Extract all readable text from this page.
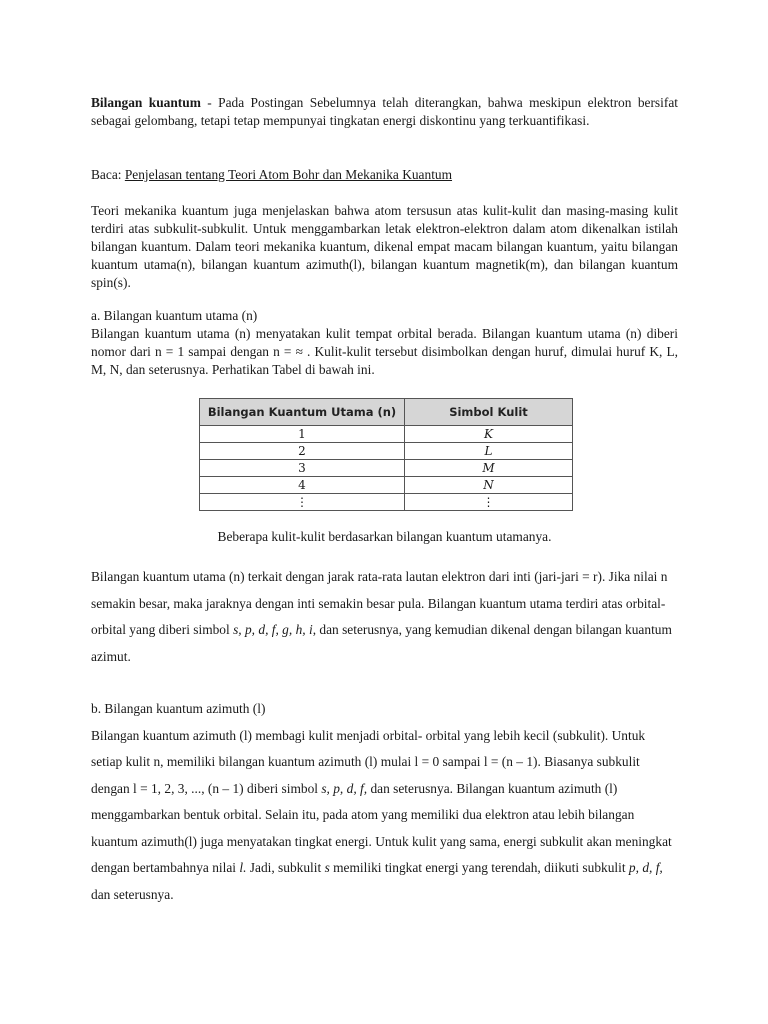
Bilangan kuantum - Pada Postingan Sebelumnya telah diterangkan, bahwa meskipun elektron bersifat sebagai gelombang, tetapi tetap mempunyai tingkatan energi diskontinu yang terkuantifikasi.

Baca: Penjelasan tentang Teori Atom Bohr dan Mekanika Kuantum

Teori mekanika kuantum juga menjelaskan bahwa atom tersusun atas kulit-kulit dan masing-masing kulit terdiri atas subkulit-subkulit. Untuk menggambarkan letak elektron-elektron dalam atom dikenalkan istilah bilangan kuantum. Dalam teori mekanika kuantum, dikenal empat macam bilangan kuantum, yaitu bilangan kuantum utama(n), bilangan kuantum azimuth(l), bilangan kuantum magnetik(m), dan bilangan kuantum spin(s).

a. Bilangan kuantum utama (n)

Bilangan kuantum utama (n) menyatakan kulit tempat orbital berada. Bilangan kuantum utama (n) diberi nomor dari n = 1 sampai dengan n = ≈ . Kulit-kulit tersebut disimbolkan dengan huruf, dimulai huruf K, L, M, N, dan seterusnya. Perhatikan Tabel di bawah ini.

Bilangan Kuantum Utama (n)	Simbol Kulit
1	K
2	L
3	M
4	N
⋮	⋮
Beberapa kulit-kulit berdasarkan bilangan kuantum utamanya.

Bilangan kuantum utama (n) terkait dengan jarak rata-rata lautan elektron dari inti (jari-jari = r). Jika nilai n semakin besar, maka jaraknya dengan inti semakin besar pula. Bilangan kuantum utama terdiri atas orbital-orbital yang diberi simbol s, p, d, f, g, h, i, dan seterusnya, yang kemudian dikenal dengan bilangan kuantum azimut.

b. Bilangan kuantum azimuth (l)

Bilangan kuantum azimuth (l) membagi kulit menjadi orbital- orbital yang lebih kecil (subkulit). Untuk setiap kulit n, memiliki bilangan kuantum azimuth (l) mulai l = 0 sampai l = (n – 1). Biasanya subkulit dengan l = 1, 2, 3, ..., (n – 1) diberi simbol s, p, d, f, dan seterusnya. Bilangan kuantum azimuth (l) menggambarkan bentuk orbital. Selain itu, pada atom yang memiliki dua elektron atau lebih bilangan kuantum azimuth(l) juga menyatakan tingkat energi. Untuk kulit yang sama, energi subkulit akan meningkat dengan bertambahnya nilai l. Jadi, subkulit s memiliki tingkat energi yang terendah, diikuti subkulit p, d, f, dan seterusnya.
